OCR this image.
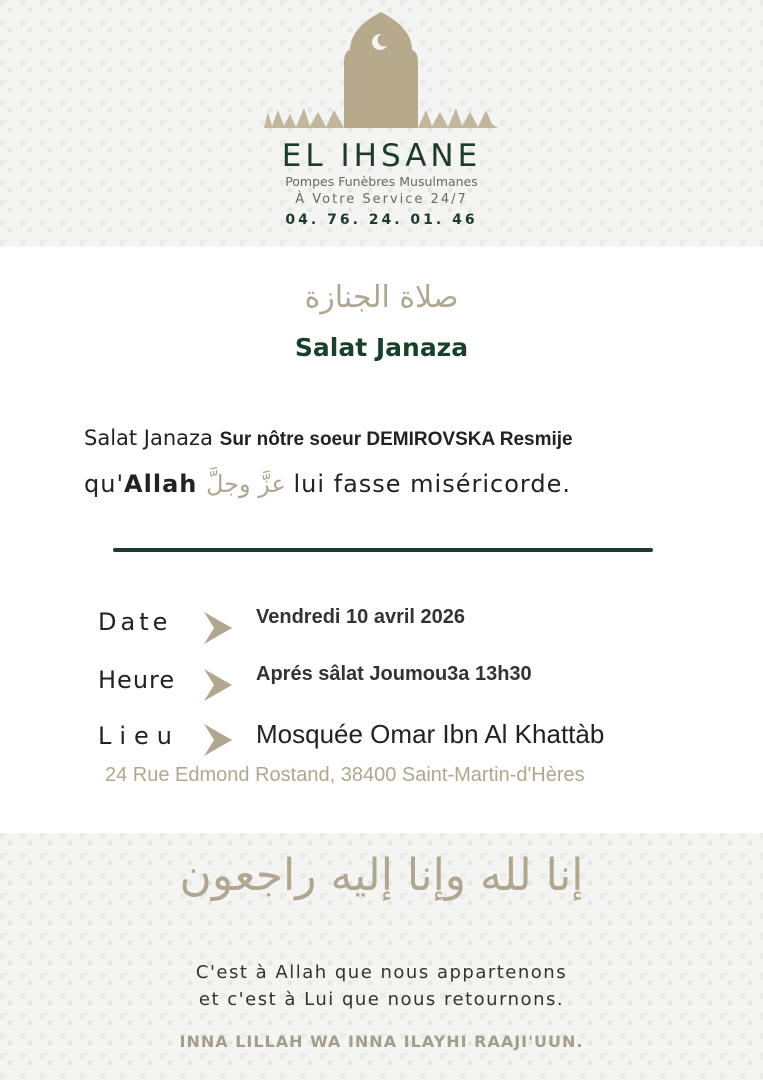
EL IHSANE
Pompes Funèbres Musulmanes
À Votre Service 24/7
04. 76. 24. 01. 46
صلاة الجنازة
Salat Janaza
Salat Janaza Sur nôtre soeur DEMIROVSKA Resmije
qu'Allah عزَّ وجلَّ lui fasse miséricorde.
Date	Vendredi 10 avril 2026
Heure	Aprés sâlat Joumou3a 13h30
Lieu	Mosquée Omar Ibn Al Khattàb
24 Rue Edmond Rostand, 38400 Saint-Martin-d'Hères
إنا لله وإنا إليه راجعون
C'est à Allah que nous appartenons
et c'est à Lui que nous retournons.
INNA LILLAH WA INNA ILAYHI RAAJI'UUN.
